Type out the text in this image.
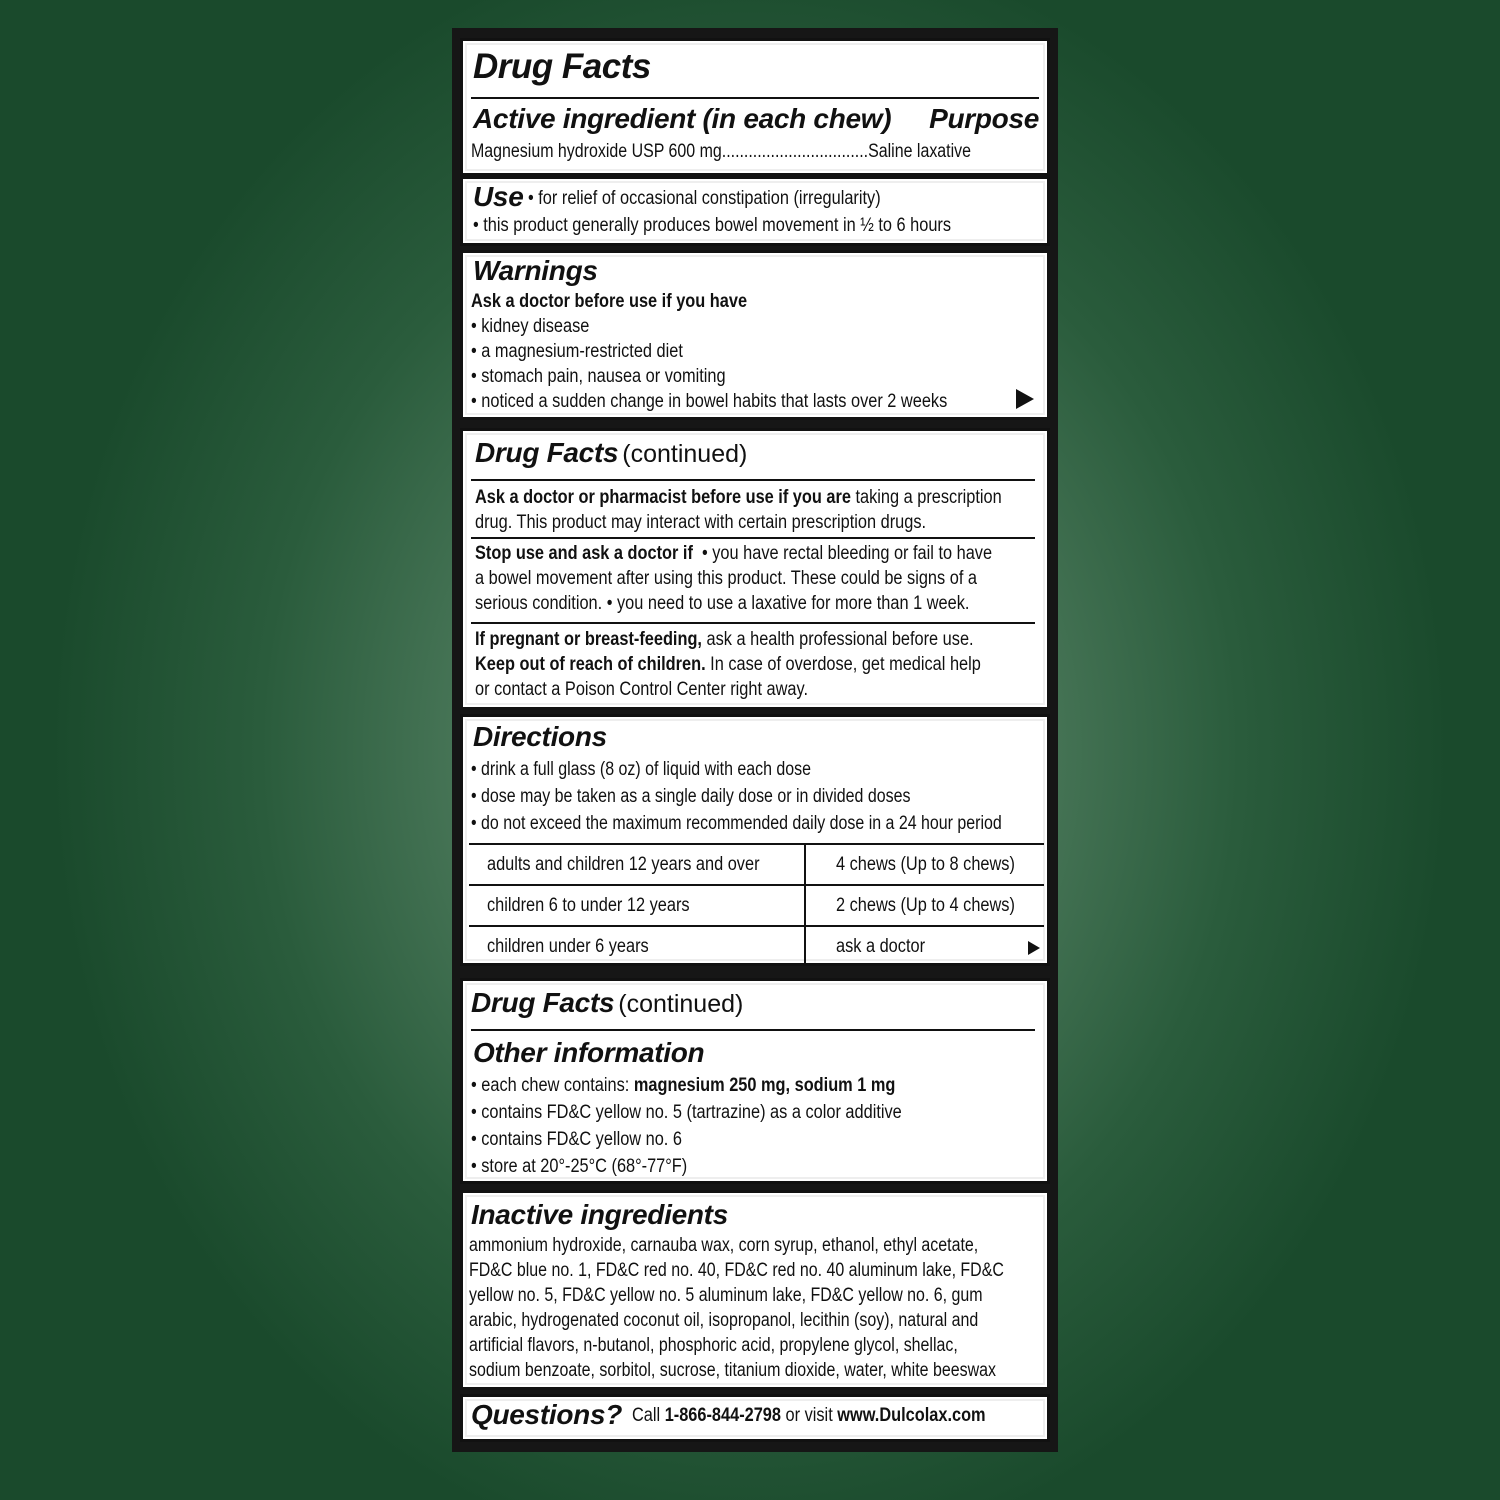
Drug Facts
Active ingredient (in each chew) Purpose
Magnesium hydroxide USP 600 mg.................................Saline laxative
Use • for relief of occasional constipation (irregularity)
• this product generally produces bowel movement in ½ to 6 hours
Warnings
Ask a doctor before use if you have
• kidney disease
• a magnesium-restricted diet
• stomach pain, nausea or vomiting
• noticed a sudden change in bowel habits that lasts over 2 weeks
Drug Facts (continued)
Ask a doctor or pharmacist before use if you are taking a prescription
drug. This product may interact with certain prescription drugs.
Stop use and ask a doctor if  • you have rectal bleeding or fail to have
a bowel movement after using this product. These could be signs of a
serious condition. • you need to use a laxative for more than 1 week.
If pregnant or breast-feeding, ask a health professional before use.
Keep out of reach of children. In case of overdose, get medical help
or contact a Poison Control Center right away.
Directions
• drink a full glass (8 oz) of liquid with each dose
• dose may be taken as a single daily dose or in divided doses
• do not exceed the maximum recommended daily dose in a 24 hour period
adults and children 12 years and over	4 chews (Up to 8 chews)
children 6 to under 12 years	2 chews (Up to 4 chews)
children under 6 years	ask a doctor
Drug Facts (continued)
Other information
• each chew contains: magnesium 250 mg, sodium 1 mg
• contains FD&C yellow no. 5 (tartrazine) as a color additive
• contains FD&C yellow no. 6
• store at 20°-25°C (68°-77°F)
Inactive ingredients
ammonium hydroxide, carnauba wax, corn syrup, ethanol, ethyl acetate,
FD&C blue no. 1, FD&C red no. 40, FD&C red no. 40 aluminum lake, FD&C
yellow no. 5, FD&C yellow no. 5 aluminum lake, FD&C yellow no. 6, gum
arabic, hydrogenated coconut oil, isopropanol, lecithin (soy), natural and
artificial flavors, n-butanol, phosphoric acid, propylene glycol, shellac,
sodium benzoate, sorbitol, sucrose, titanium dioxide, water, white beeswax
Questions? Call 1-866-844-2798 or visit www.Dulcolax.com
